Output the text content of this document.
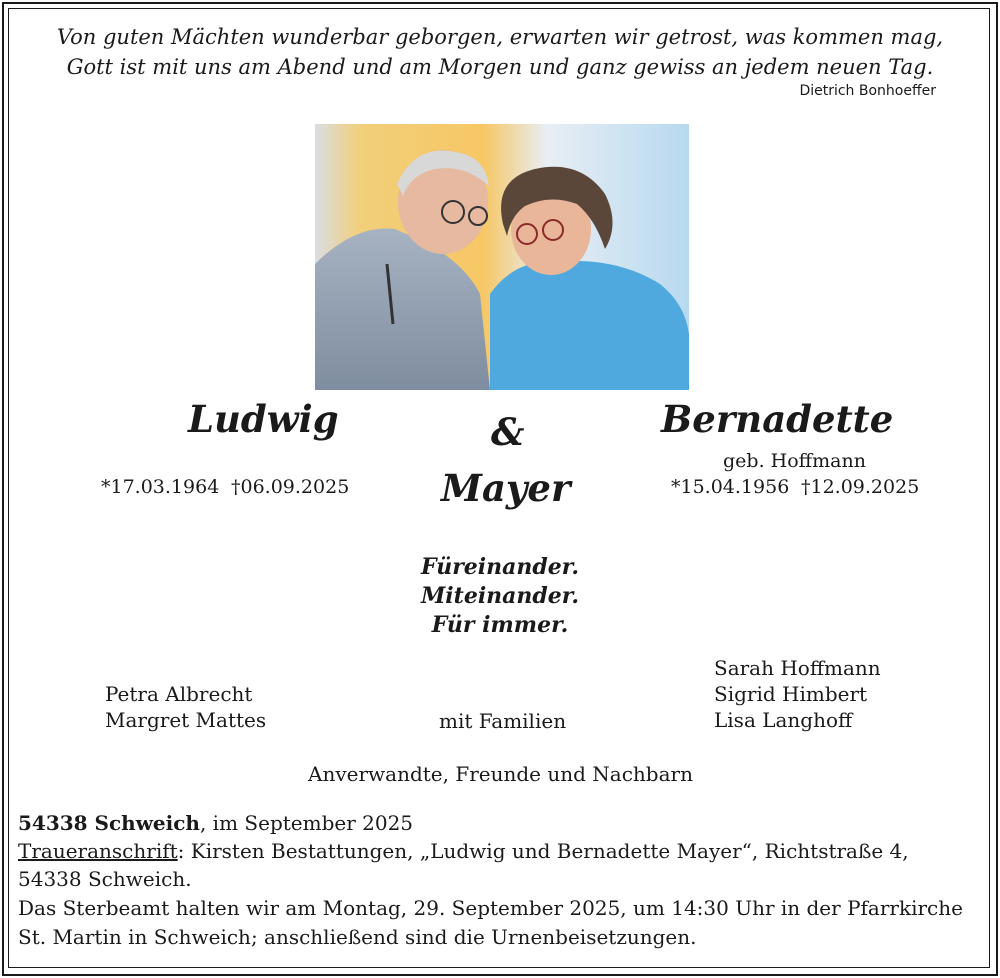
Von guten Mächten wunderbar geborgen, erwarten wir getrost, was kommen mag,
Gott ist mit uns am Abend und am Morgen und ganz gewiss an jedem neuen Tag.
Dietrich Bonhoeffer
Ludwig	&	Bernadette
Mayer
geb. Hoffmann
*17.03.1964 †06.09.2025	*15.04.1956 †12.09.2025
Füreinander.
Miteinander.
Für immer.
Petra Albrecht
Margret Mattes	mit Familien
Sarah Hoffmann
Sigrid Himbert
Lisa Langhoff
Anverwandte, Freunde und Nachbarn
54338 Schweich, im September 2025
Traueranschrift: Kirsten Bestattungen, „Ludwig und Bernadette Mayer“, Richtstraße 4,
54338 Schweich.
Das Sterbeamt halten wir am Montag, 29. September 2025, um 14:30 Uhr in der Pfarrkirche
St. Martin in Schweich; anschließend sind die Urnenbeisetzungen.
